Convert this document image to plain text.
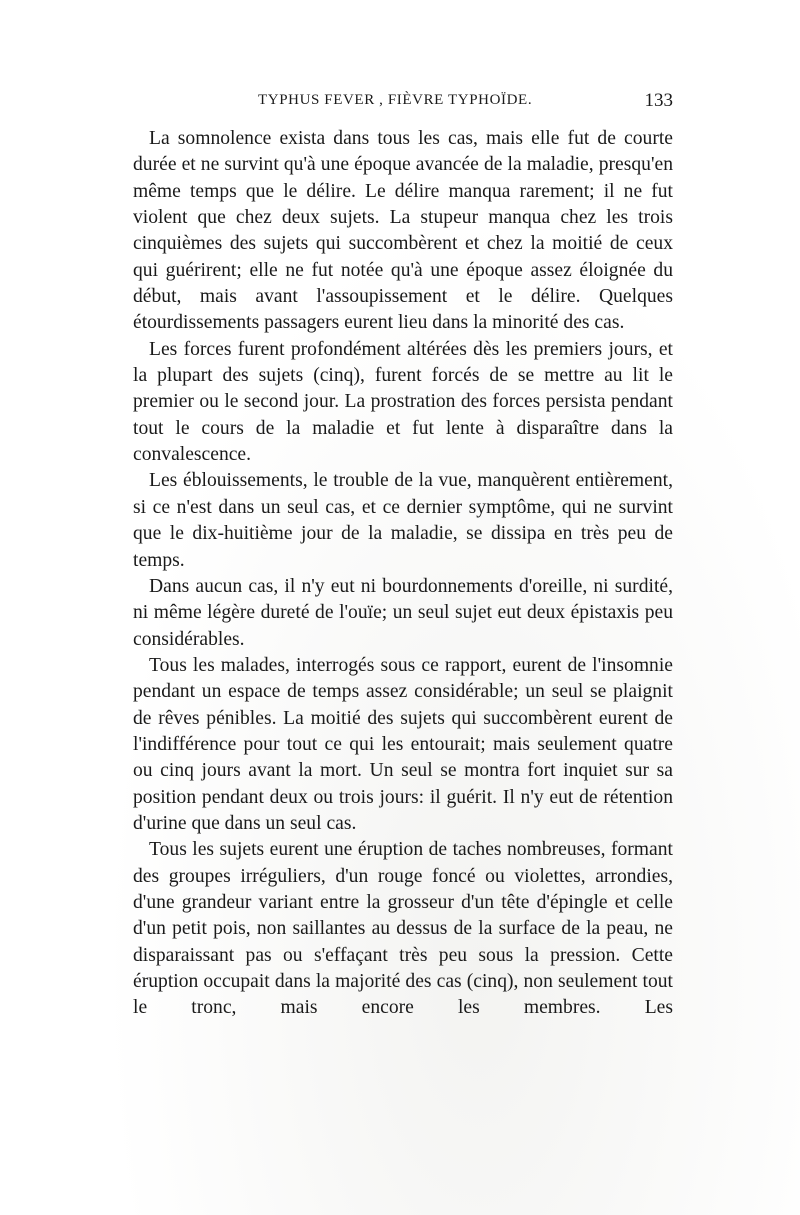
TYPHUS FEVER , FIÈVRE TYPHOÏDE.	133

La somnolence exista dans tous les cas, mais elle fut de courte durée et ne survint qu'à une époque avancée de la maladie, presqu'en même temps que le délire. Le délire manqua rarement; il ne fut violent que chez deux sujets. La stupeur manqua chez les trois cinquièmes des sujets qui succombèrent et chez la moitié de ceux qui guérirent; elle ne fut notée qu'à une époque assez éloignée du début, mais avant l'assoupissement et le délire. Quelques étourdissements passagers eurent lieu dans la minorité des cas.

Les forces furent profondément altérées dès les premiers jours, et la plupart des sujets (cinq), furent forcés de se mettre au lit le premier ou le second jour. La prostration des forces persista pendant tout le cours de la maladie et fut lente à disparaître dans la convalescence.

Les éblouissements, le trouble de la vue, manquèrent entièrement, si ce n'est dans un seul cas, et ce dernier symptôme, qui ne survint que le dix-huitième jour de la maladie, se dissipa en très peu de temps.

Dans aucun cas, il n'y eut ni bourdonnements d'oreille, ni surdité, ni même légère dureté de l'ouïe; un seul sujet eut deux épistaxis peu considérables.

Tous les malades, interrogés sous ce rapport, eurent de l'insomnie pendant un espace de temps assez considérable; un seul se plaignit de rêves pénibles. La moitié des sujets qui succombèrent eurent de l'indifférence pour tout ce qui les entourait; mais seulement quatre ou cinq jours avant la mort. Un seul se montra fort inquiet sur sa position pendant deux ou trois jours: il guérit. Il n'y eut de rétention d'urine que dans un seul cas.

Tous les sujets eurent une éruption de taches nombreuses, formant des groupes irréguliers, d'un rouge foncé ou violettes, arrondies, d'une grandeur variant entre la grosseur d'un tête d'épingle et celle d'un petit pois, non saillantes au dessus de la surface de la peau, ne disparaissant pas ou s'effaçant très peu sous la pression. Cette éruption occupait dans la majorité des cas (cinq), non seulement tout le tronc, mais encore les membres. Les
